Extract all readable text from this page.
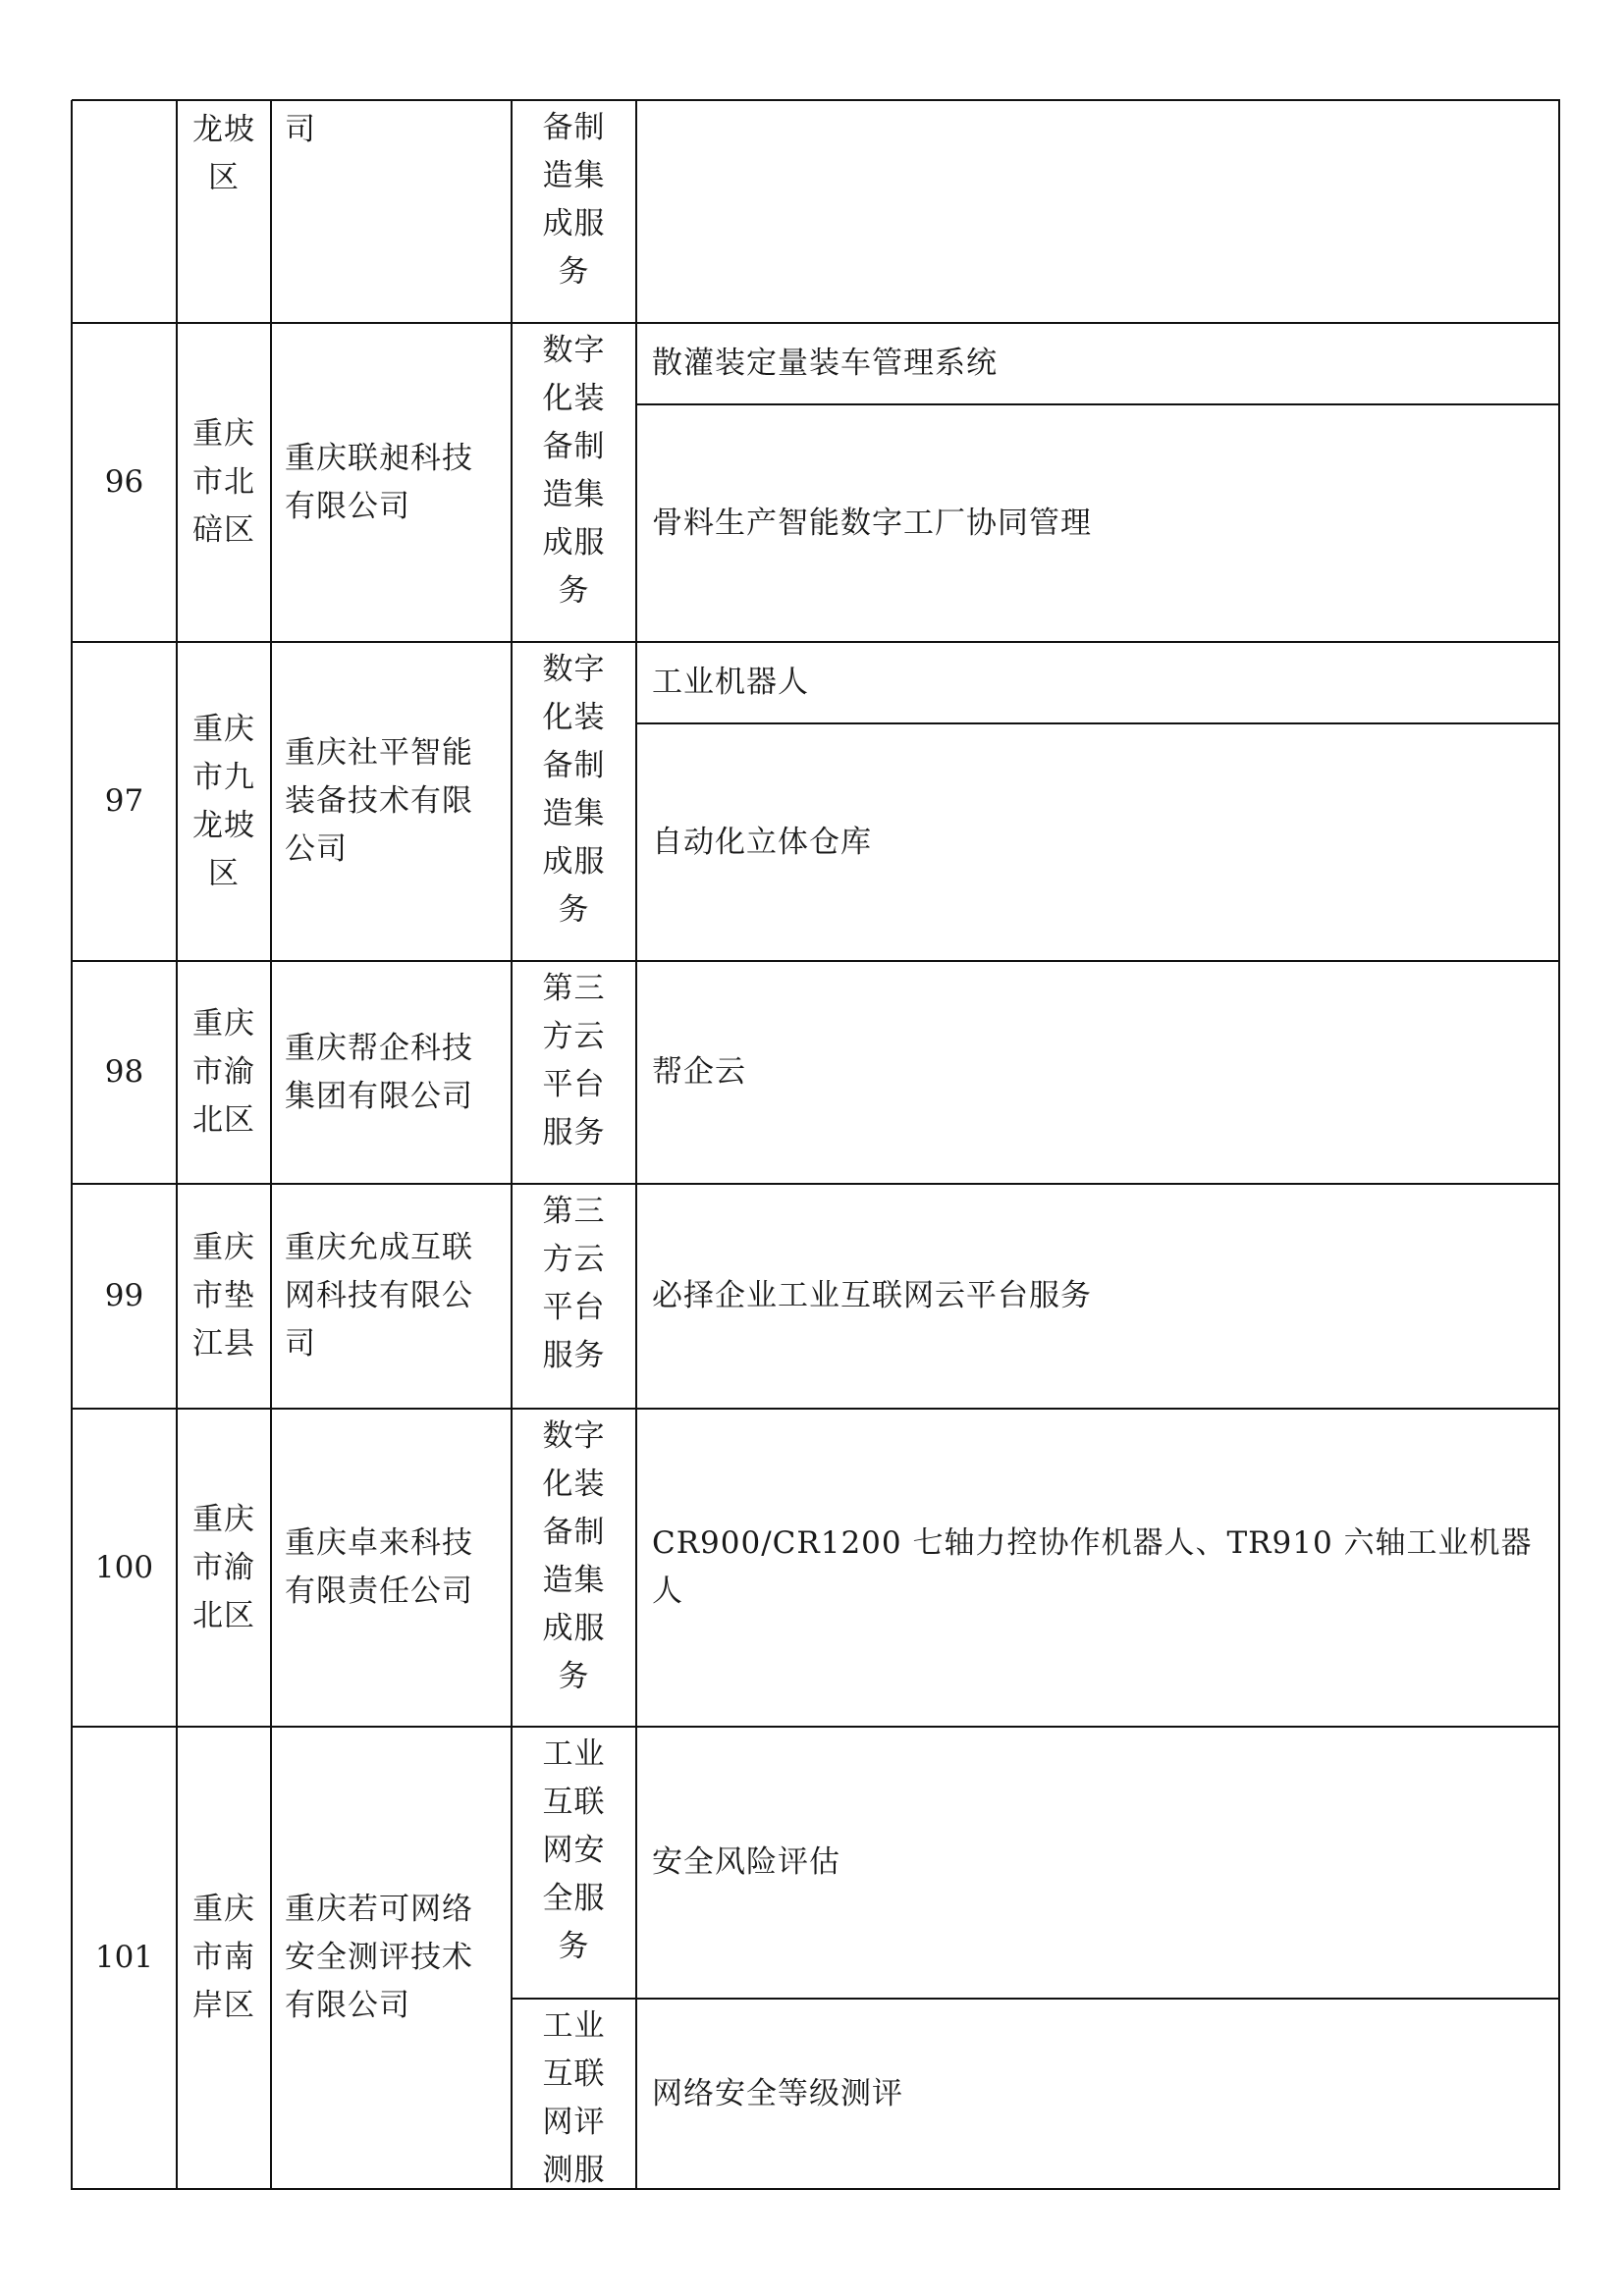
龙坡
区
司	备制
造集
成服
务
96
重庆
市北
碚区
重庆联昶科技
有限公司
数字
化装
备制
造集
成服
务
散灌装定量装车管理系统
骨料生产智能数字工厂协同管理
97
重庆
市九
龙坡
区
重庆社平智能
装备技术有限
公司
数字
化装
备制
造集
成服
务
工业机器人
自动化立体仓库
98
重庆
市渝
北区
重庆帮企科技
集团有限公司
第三
方云
平台
服务
帮企云
99
重庆
市垫
江县
重庆允成互联
网科技有限公
司
第三
方云
平台
服务
必择企业工业互联网云平台服务
100
重庆
市渝
北区
重庆卓来科技
有限责任公司
数字
化装
备制
造集
成服
务
CR900/CR1200 七轴力控协作机器人、TR910 六轴工业机器人
101
重庆
市南
岸区
重庆若可网络
安全测评技术
有限公司
工业
互联
网安
全服
务
工业
互联
网评
测服
安全风险评估
网络安全等级测评
